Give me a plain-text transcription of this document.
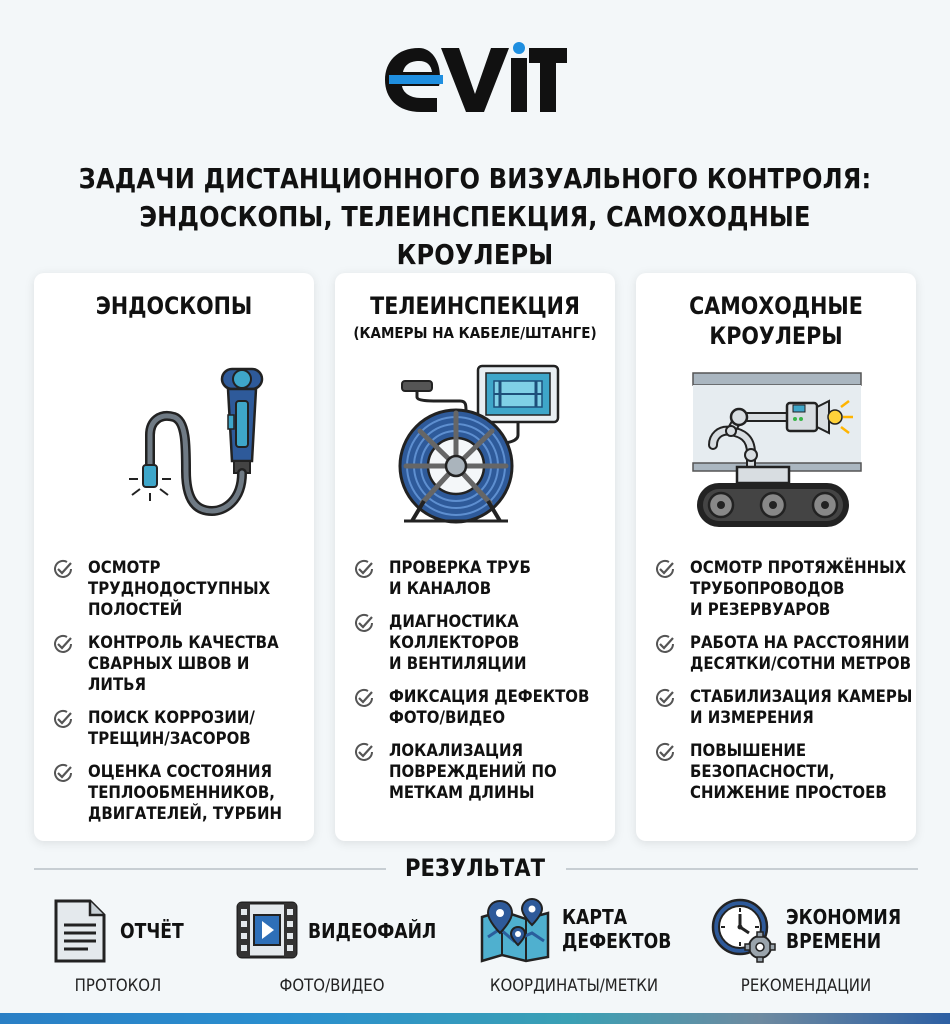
ЗАДАЧИ ДИСТАНЦИОННОГО ВИЗУАЛЬНОГО КОНТРОЛЯ:
ЭНДОСКОПЫ, ТЕЛЕИНСПЕКЦИЯ, САМОХОДНЫЕ КРОУЛЕРЫ
ЭНДОСКОПЫ
ОСМОТР
ТРУДНОДОСТУПНЫХ
ПОЛОСТЕЙ
КОНТРОЛЬ КАЧЕСТВА
СВАРНЫХ ШВОВ И ЛИТЬЯ
ПОИСК КОРРОЗИИ/
ТРЕЩИН/ЗАСОРОВ
ОЦЕНКА СОСТОЯНИЯ
ТЕПЛООБМЕННИКОВ,
ДВИГАТЕЛЕЙ, ТУРБИН
ТЕЛЕИНСПЕКЦИЯ
(КАМЕРЫ НА КАБЕЛЕ/ШТАНГЕ)
ПРОВЕРКА ТРУБ
И КАНАЛОВ
ДИАГНОСТИКА
КОЛЛЕКТОРОВ
И ВЕНТИЛЯЦИИ
ФИКСАЦИЯ ДЕФЕКТОВ
ФОТО/ВИДЕО
ЛОКАЛИЗАЦИЯ
ПОВРЕЖДЕНИЙ ПО
МЕТКАМ ДЛИНЫ
САМОХОДНЫЕ
КРОУЛЕРЫ
ОСМОТР ПРОТЯЖЁННЫХ
ТРУБОПРОВОДОВ
И РЕЗЕРВУАРОВ
РАБОТА НА РАССТОЯНИИ
ДЕСЯТКИ/СОТНИ МЕТРОВ
СТАБИЛИЗАЦИЯ КАМЕРЫ
И ИЗМЕРЕНИЯ
ПОВЫШЕНИЕ
БЕЗОПАСНОСТИ,
СНИЖЕНИЕ ПРОСТОЕВ
РЕЗУЛЬТАТ
ОТЧЁТ
ПРОТОКОЛ
ВИДЕОФАЙЛ
ФОТО/ВИДЕО
КАРТА
ДЕФЕКТОВ
КООРДИНАТЫ/МЕТКИ
ЭКОНОМИЯ
ВРЕМЕНИ
РЕКОМЕНДАЦИИ
